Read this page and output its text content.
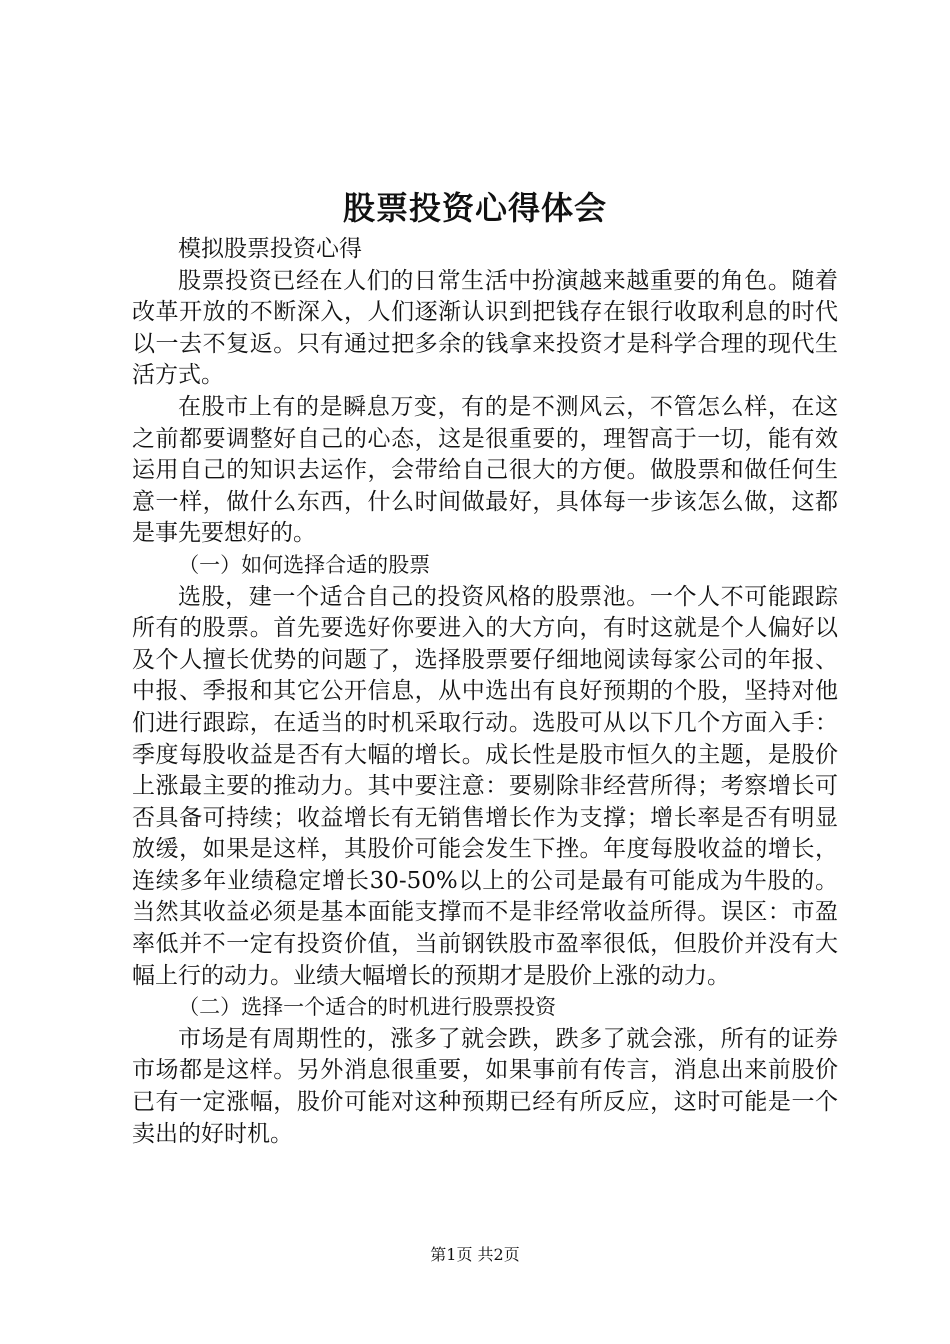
股票投资心得体会

模拟股票投资心得

股票投资已经在人们的日常生活中扮演越来越重要的角色。随着改革开放的不断深入，人们逐渐认识到把钱存在银行收取利息的时代以一去不复返。只有通过把多余的钱拿来投资才是科学合理的现代生活方式。

在股市上有的是瞬息万变，有的是不测风云，不管怎么样，在这之前都要调整好自己的心态，这是很重要的，理智高于一切，能有效运用自己的知识去运作，会带给自己很大的方便。做股票和做任何生意一样，做什么东西，什么时间做最好，具体每一步该怎么做，这都是事先要想好的。

（一）如何选择合适的股票

选股，建一个适合自己的投资风格的股票池。一个人不可能跟踪所有的股票。首先要选好你要进入的大方向，有时这就是个人偏好以及个人擅长优势的问题了，选择股票要仔细地阅读每家公司的年报、中报、季报和其它公开信息，从中选出有良好预期的个股，坚持对他们进行跟踪，在适当的时机采取行动。选股可从以下几个方面入手：季度每股收益是否有大幅的增长。成长性是股市恒久的主题，是股价上涨最主要的推动力。其中要注意：要剔除非经营所得；考察增长可否具备可持续；收益增长有无销售增长作为支撑；增长率是否有明显放缓，如果是这样，其股价可能会发生下挫。年度每股收益的增长，连续多年业绩稳定增长30-50%以上的公司是最有可能成为牛股的。当然其收益必须是基本面能支撑而不是非经常收益所得。误区：市盈率低并不一定有投资价值，当前钢铁股市盈率很低，但股价并没有大幅上行的动力。业绩大幅增长的预期才是股价上涨的动力。

（二）选择一个适合的时机进行股票投资

市场是有周期性的，涨多了就会跌，跌多了就会涨，所有的证券市场都是这样。另外消息很重要，如果事前有传言，消息出来前股价已有一定涨幅，股价可能对这种预期已经有所反应，这时可能是一个卖出的好时机。

第1页 共2页
